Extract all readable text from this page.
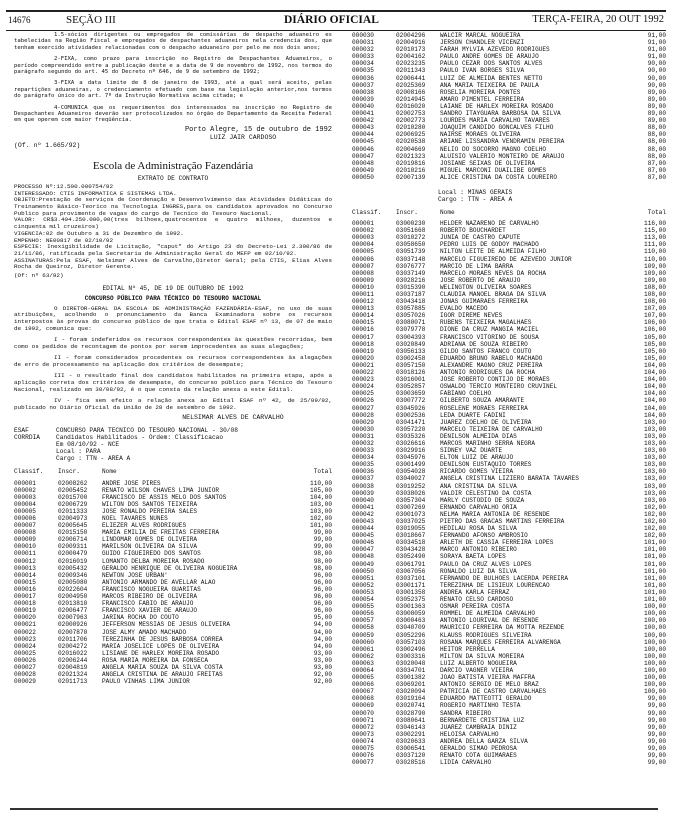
14676	SEÇÃO III	DIÁRIO OFICIAL	TERÇA-FEIRA, 20 OUT 1992

1.5-sócios dirigentes ou empregados de comissárias de despacho aduaneiro es tabelecidas na Região Fiscal e empregados de despachantes aduaneiros nela credencia dos, que tenham exercido atividades relacionadas com o despacho aduaneiro por pelo me nos dois anos;

2-FIXA, como prazo para inscrição no Registro de Despachantes Aduaneiros, o período compreendido entre a publicação deste e a data de 9 de novembro de 1992, nos termos do parágrafo segundo do art. 45 do Decreto nº 646, de 9 de setembro de 1992;

3-FIXA a data limite de 8 de janeiro de 1993, até a qual será aceito, pelas repartições aduaneiras, o credenciamento efetuado com base na legislação anterior,nos termos do parágrafo único do art. 7º da Instrução Normativa acima citada; e

4-COMUNICA que os requerimentos dos interessados na inscrição no Registro de Despachantes Aduaneiros deverão ser protocolizados no órgão do Departamento da Receita Federal em que operem com maior freqüência.

Porto Alegre, 15 de outubro de 1992

LUIZ JAIR CARDOSO

(Of. nº 1.665/92)

Escola de Administração Fazendária

EXTRATO DE CONTRATO

PROCESSO Nº:12.500.000754/92

INTERESSADO: CTIS INFORMATICA E SISTEMAS LTDA.

OBJETO:Prestação de serviços de Coordenação e Desenvolvimento das Atividades Didáticas do Treinamento Básico-Teorico na Tecnologia INGRES,para os candidatos aprovados no Concurso Publico para provimento de vagas do cargo de Tecnico do Tesouro Nacional.

VALOR: CR$3.404.250.000,00(tres bilhoes,quatrocentos e quatro milhoes, duzentos e cinquenta mil cruzeiros)

VIGENCIA:02 de Outubro a 31 de Dezembro de 1992.

EMPENHO: NE00817 de 02/10/92

ESPECIE: Inexigibilidade de Licitação, "caput" do Artigo 23 do Decreto-Lei 2.300/86 de 21/11/86, ratificada pela Secretaria de Administração Geral do MEFP em 02/10/92.

ASSINATURAS:Pela ESAF, Nelsimar Alves de Carvalho,Diretor Geral; pela CTIS, Elias Alves Rocha de Queiroz, Diretor Gerente.

(Of: nº 63/92)

EDITAL Nº 45, DE 19 DE OUTUBRO DE 1992

CONCURSO PÚBLICO PARA TÉCNICO DO TESOURO NACIONAL

O DIRETOR-GERAL DA ESCOLA DE ADMINISTRAÇÃO FAZENDÁRIA-ESAF, no uso de suas atribuições, acolhendo o pronunciamento da Banca Examinadora sobre os recursos interpostos às provas do concurso público de que trata o Edital ESAF nº 13, de 07 de maio de 1992, comunica que:

I - foram indeferidos os recursos correspondentes às questões recorridas, bem como os pedidos de recontagem de pontos por serem improcedentes as suas alegações;

II - foram considerados procedentes os recursos correspondentes às alegações de erro de processamento na aplicação dos critérios de desempate;

III - o resultado final dos candidatos habilitados na primeira etapa, após a aplicação correta dos critérios de desempate, do concurso público para Técnico do Tesouro Nacional, realizado em 30/08/92, é o que consta da relação anexa a este Edital.

IV - fica sem efeito a relação anexa ao Edital ESAF nº 42, de 25/09/92, publicado no Diário Oficial da União de 28 de setembro de 1992.

NELSIMAR ALVES DE CARVALHO

ESAF
CORRDIA
CONCURSO PARA TECNICO DO TESOURO NACIONAL - 30/08
Candidatos Habilitados - Ordem: Classificacao
Em 08/10/92 - NCE
Local : PARA
Cargo : TTN - AREA A
Classif.	Inscr.	Nome	Total
000001	02008262	ANDRE JOSE PIRES	110,00
000002	02005452	RENATO WILSON CHAVES LIMA JUNIOR	105,00
000003	02015700	FRANCISCO DE ASSIS MELO DOS SANTOS	104,00
000004	02006729	WILTON DOS SANTOS TEIXEIRA	103,00
000005	02011333	JOSE RONALDO PEREIRA SALES	103,00
000006	02004973	NOEL TAVARES NUNES	102,00
000007	02005645	ELIEZER ALVES RODRIGUES	101,00
000008	02015150	MARIA EMILIA DE FREITAS FERREIRA	99,00
000009	02006714	LINDOMAR GOMES DE OLIVEIRA	99,00
000010	02009311	MARILSON OLIVEIRA DA SILVA	99,00
000011	02000479	GUIDO FIGUEIREDO DOS SANTOS	98,00
000012	02016019	LOMANTO DELBA MOREIRA ROSADO	98,00
000013	02005432	GERALDO HENRIQUE DE OLIVEIRA NOGUEIRA	98,00
000014	02009346	NEWTON JOSE URBAN'	96,00
000015	02005080	ANTONIO ARMANDO DE AVELLAR ALAO	96,00
000016	02022604	FRANCISCO NOGUEIRA GUARITAS	96,00
000017	02004950	MARCOS RIBEIRO DE OLIVEIRA	96,00
000018	02013810	FRANCISCO FABIO DE ARAUJO	96,00
000019	02006477	FRANCISCO XAVIER DE ARAUJO	96,00
000020	02007963	JARINA ROCHA DO COUTO	95,00
000021	02000926	JEFFERSON MESSIAS DE JESUS OLIVEIRA	94,00
000022	02007870	JOSE ALMY AMADO MACHADO	94,00
000023	02011706	TEREZINHA DE JESUS BARBOSA CORREA	94,00
000024	02004272	MARIA JOSELICE LOPES DE OLIVEIRA	94,00
000025	02016022	LISIANE DE HARLEX MOREIRA ROSADO	93,00
000026	02006244	ROSA MARIA MOREIRA DA FONSECA	93,00
000027	02004819	ANGELA MARIA SOUZA DA SILVA COSTA	93,00
000028	02021324	ANGELA CRISTINA DE ARAUJO FREITAS	92,00
000029	02011713	PAULO VINHAS LIMA JUNIOR	92,00
000030	02004296	WALCIR MARCAL NOGUEIRA	91,00
000031	02004916	JERSON CHANDLER VICENZI	91,00
000032	02010173	FARAH MYLVIA AZEVEDO RODRIGUES	91,00
000033	02004162	PAULO ANDRE GOMES DE ARAUJO	91,00
000034	02023235	PAULO CEZAR DOS SANTOS ALVES	90,00
000035	02011343	PAULO IVAN BORGES SILVA	90,00
000036	02006441	LUIZ DE ALMEIDA BENTES NETTO	90,00
000037	02025369	ANA MARIA TEIXEIRA DE PAULA	90,00
000038	02008166	ROSELIA MOREIRA PONTES	89,00
000039	02014945	AMARO PIMENTEL FERREIRA	89,00
000040	02016020	LAIANE DE HARLEX MOREIRA ROSADO	89,00
000041	02002753	SANDRO ITAYGUARA BARBOSA DA SILVA	89,00
000042	02002773	LOURDES MARIA CARVALHO TAVARES	89,00
000043	02010280	JOAQUIM CANDIDO GONCALVES FILHO	88,00
000044	02006925	NAIRSE MORAES OLIVEIRA	88,00
000045	02020538	ARIANE LISSANDRA VENDRAMIN PEREIRA	88,00
000046	02004669	NELIO DO SOCORRO MAGNO COELHO	88,00
000047	02021323	ALUISIO VALERIO MONTEIRO DE ARAUJO	88,00
000048	02019816	JOSIANE SEIXAS DE OLIVEIRA	87,00
000049	02010216	MIGUEL MARCONI DUAILIBE GOMES	87,00
000050	02007139	ALICE CRISTINA DA COSTA LOUREIRO	87,00
Local : MINAS GERAIS
Cargo : TTN - AREA A
Classif.	Inscr.	Nome	Total
000001	03000230	HELDER NAZARENO DE CARVALHO	116,00
000002	03051668	ROBERTO BOUCHARDET	115,00
000003	03010272	JUNIA DE CASTRO CAPUTE	113,00
000004	03058650	PEDRO LUIS DE GODOY MACHADO	111,00
000005	03051739	NILTON LEITE DE ALMEIDA FILHO	110,00
000006	03037148	MARCELO FIGUEIREDO DE AZEVEDO JUNIOR	110,00
000007	03076777	MARCIO DE LIMA BARRA	109,00
000008	03037149	MARCELO MORAES NEVES DA ROCHA	109,00
000009	03028216	JOSE ROBERTO DE ARAUJO	109,00
000010	03015390	WELINGTON OLIVEIRA SOARES	108,00
000011	03037187	CLAUDIA MANOEL BRAGA DA SILVA	108,00
000012	03043418	JONAS GUIMARAES FERREIRA	108,00
000013	03057885	EVALDO MACEDO	107,00
000014	03057026	IGOR DIREME NEVES	107,00
000015	03080071	RUBENS TEIXEIRA MAGALHAES	106,00
000016	03079778	DIONE DA CRUZ MANGIA MACIEL	106,00
000017	03004393	FRANCISCO VITORINO DE SOUSA	105,00
000018	03020849	ADRIANA DE SOUZA RIBEIRO	105,00
000019	03056133	GILDO SANTOS FRANCO COUTO	105,00
000020	03002458	EDUARDO BRUNO RABELO MACHADO	105,00
000021	03057150	ALEXANDRE MAGNO CRUZ PEREIRA	104,00
000022	03018126	ANTONIO RODRIGUES DA ROCHA	104,00
000023	03016001	JOSE ROBERTO CONTIJO DE MORAES	104,00
000024	03052857	OSWALDO TERCIO MONTEIRO CRUVINEL	104,00
000025	03003659	FABIANO COELHO	104,00
000026	03007772	GILBERTO SOUZA AMARANTE	104,00
000027	03045926	ROSELENE MORAES FERREIRA	104,00
000028	03002536	LEDA DUARTE FADINI	104,00
000029	03041471	JUAREZ COELHO DE OLIVEIRA	103,00
000030	03057220	MARCELO TEIXEIRA DE CARVALHO	103,00
000031	03035326	DENILSON ALMEIDA DIAS	103,00
000032	03026616	MARCOS MARINHO SERRA NEGRA	103,00
000033	03029916	SIDNEY VAZ DUARTE	103,00
000034	03045976	ELTON LUIZ DE ARAUJO	103,00
000035	03001499	DENILSON EUSTAQUIO TORRES	103,00
000036	03054028	RICARDO GOMES VIEIRA	103,00
000037	03040027	ANGELA CRISTINA LIZIERO BARATA TAVARES	103,00
000038	03019252	ANA CRISTINA DA SILVA	103,00
000039	03038026	VALDIR CELESTINO DA COSTA	103,00
000040	03057304	MARLY CUSTODIO DE SOUZA	103,00
000041	03007269	ERNANDO CARVALHO ORIA	102,00
000042	03001073	NELMA MARIA ANTONIA DE RESENDE	102,00
000043	03037025	PIETRO DAS GRACAS MARTINS FERREIRA	102,00
000044	03019055	HEDILAU ROSA DA SILVA	102,00
000045	03018667	FERNANDO AFONSO AMBROSIO	102,00
000046	03034518	ARLETH DE CASSIA FERREIRA LOPES	101,00
000047	03043428	MARCO ANTONIO RIBEIRO	101,00
000048	03052490	SORAYA BAETA LOPES	101,00
000049	03061791	PAULO DA CRUZ ALVES LOPES	101,00
000050	03067056	RONALDO LUIZ DA SILVA	101,00
000051	03037101	FERNANDO DE BULHOES LACERDA PEREIRA	101,00
000052	03001171	TEREZINHA DE LISIEUX LOURENCAO	101,00
000053	03001358	ANDREA KARLA FERRAZ	101,00
000054	03052375	RENATO CELSO CARDOSO	101,00
000055	03001363	OSMAR PEREIRA COSTA	100,00
000056	03008059	ROMMEL DE ALMEIDA CARVALHO	100,00
000057	03000463	ANTONIO LOURIVAL DE RESENDE	100,00
000058	03040709	MAURICIO FERREIRA DA MOTTA REZENDE	100,00
000059	03052296	KLAUSS RODRIGUES SILVEIRA	100,00
000060	03057103	ROSANA MARQUES FERREIRA ALVARENGA	100,00
000061	03002496	HEITOR PERRELLA	100,00
000062	03003316	MILTON DA SILVA MOREIRA	100,00
000063	03020048	LUIZ ALBERTO NOGUEIRA	100,00
000064	03034701	DARCIO VAGNER VIEIRA	100,00
000065	03001382	JOAO BATISTA VIEIRA MAFFRA	100,00
000066	03069201	ANTONIO SERGIO DE MELO BRAZ	100,00
000067	03020094	PATRICIA DE CASTRO CARVALHAES	100,00
000068	03019164	EDUARDO MATTEOTTI GERALDO	99,00
000069	03020741	ROGERIO MARTINHO TESTA	99,00
000070	03028790	SANDRA RIBEIRO	99,00
000071	03080641	BERNARDETE CRISTINA LUZ	99,00
000072	03046143	JUAREZ CAMBRAIA DINIZ	99,00
000073	03002291	HELOISA CARVALHO	99,00
000074	03020633	ANDREA DELLA GARZA SILVA	99,00
000075	03006541	GERALDO SIMAO PEDROSA	99,00
000076	03037120	RENATO COTA GUIMARAES	99,00
000077	03028516	LIDIA CARVALHO	99,00
